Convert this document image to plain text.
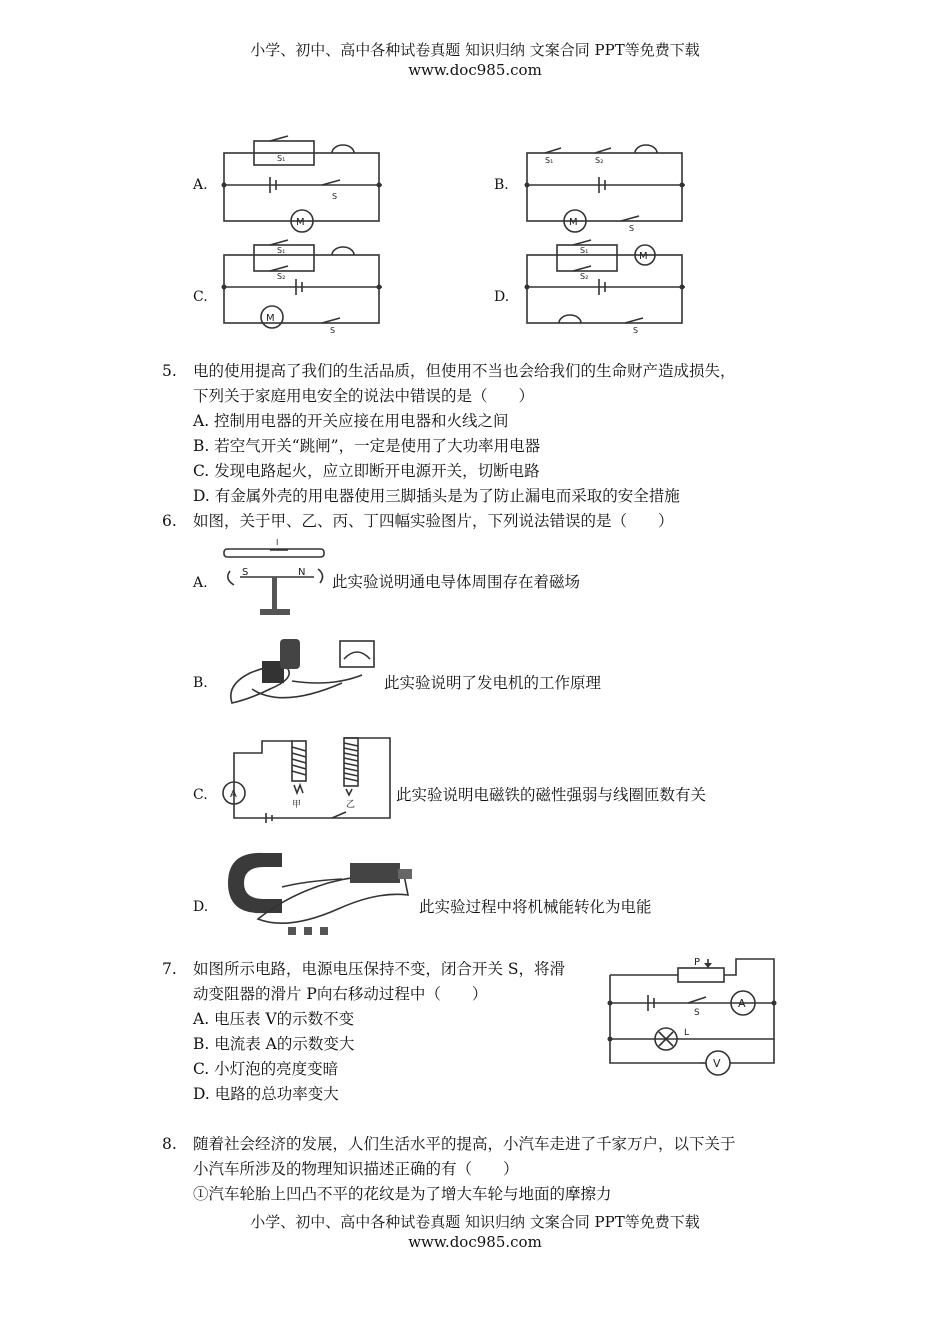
小学、初中、高中各种试卷真题 知识归纳 文案合同 PPT等免费下载
www.doc985.com
A.
S₁
S
M
B.
S₁	S₂
M
S
C.
S₁
S₂
M
S
D.
S₁
S₂
M
S
5. 电的使用提高了我们的生活品质，但使用不当也会给我们的生命财产造成损失，
下列关于家庭用电安全的说法中错误的是（　　）
A. 控制用电器的开关应接在用电器和火线之间
B. 若空气开关“跳闸”，一定是使用了大功率用电器
C. 发现电路起火，应立即断开电源开关，切断电路
D. 有金属外壳的用电器使用三脚插头是为了防止漏电而采取的安全措施
6. 如图，关于甲、乙、丙、丁四幅实验图片，下列说法错误的是（　　）
A.
I
S	N
此实验说明通电导体周围存在着磁场
B.	此实验说明了发电机的工作原理
C. A
甲	乙
此实验说明电磁铁的磁性强弱与线圈匝数有关
D.	此实验过程中将机械能转化为电能
7. 如图所示电路，电源电压保持不变，闭合开关 S，将滑
动变阻器的滑片 P向右移动过程中（　　）
A. 电压表 V的示数不变
B. 电流表 A的示数变大
C. 小灯泡的亮度变暗
D. 电路的总功率变大
P
S
A
L
V
8. 随着社会经济的发展，人们生活水平的提高，小汽车走进了千家万户，以下关于
小汽车所涉及的物理知识描述正确的有（　　）
①汽车轮胎上凹凸不平的花纹是为了增大车轮与地面的摩擦力
小学、初中、高中各种试卷真题 知识归纳 文案合同 PPT等免费下载
www.doc985.com
